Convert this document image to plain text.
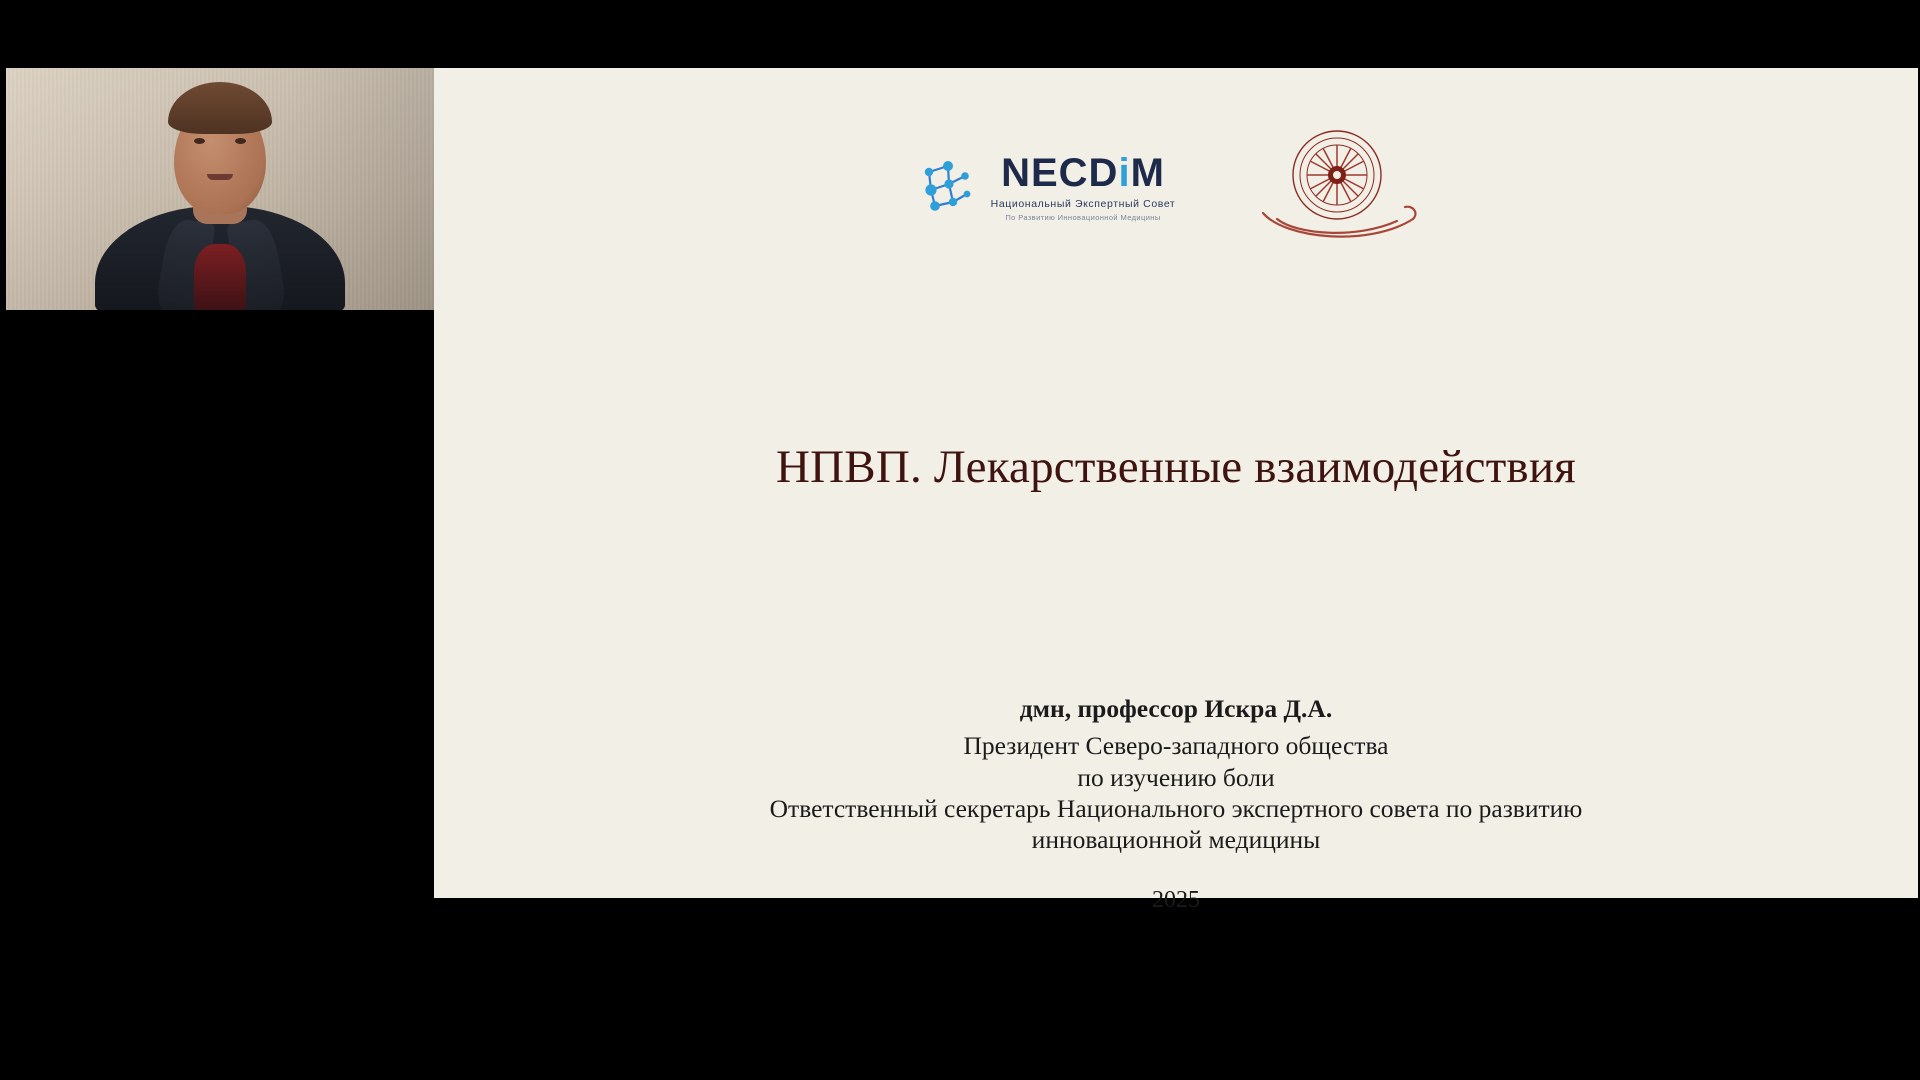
NECDiM
Национальный Экспертный Совет
По Развитию Инновационной Медицины
НПВП. Лекарственные взаимодействия
дмн, профессор Искра Д.А.
Президент Северо-западного общества
по изучению боли
Ответственный секретарь Национального экспертного совета по развитию
инновационной медицины
2025
